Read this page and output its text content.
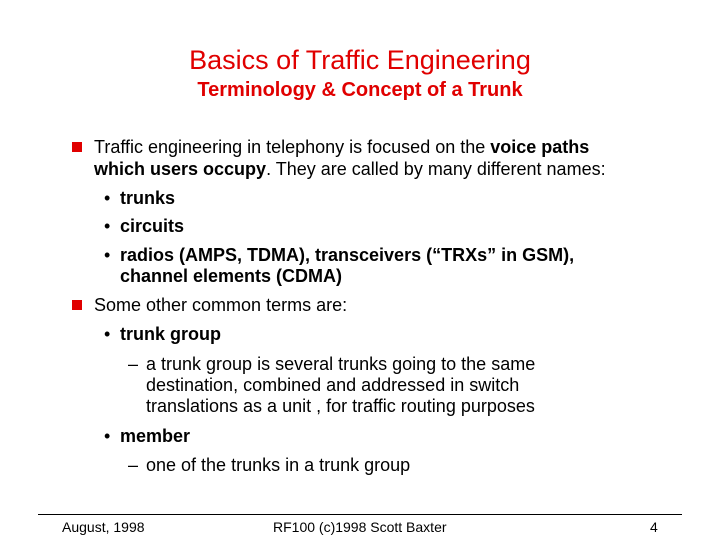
Basics of Traffic Engineering
Terminology & Concept of a Trunk
Traffic engineering in telephony is focused on the voice paths
which users occupy. They are called by many different names:
• trunks
• circuits
• radios (AMPS, TDMA), transceivers (“TRXs” in GSM),
channel elements (CDMA)
Some other common terms are:
• trunk group
– a trunk group is several trunks going to the same
destination, combined and addressed in switch
translations as a unit , for traffic routing purposes
• member
– one of the trunks in a trunk group
August, 1998	RF100 (c)1998 Scott Baxter	4
